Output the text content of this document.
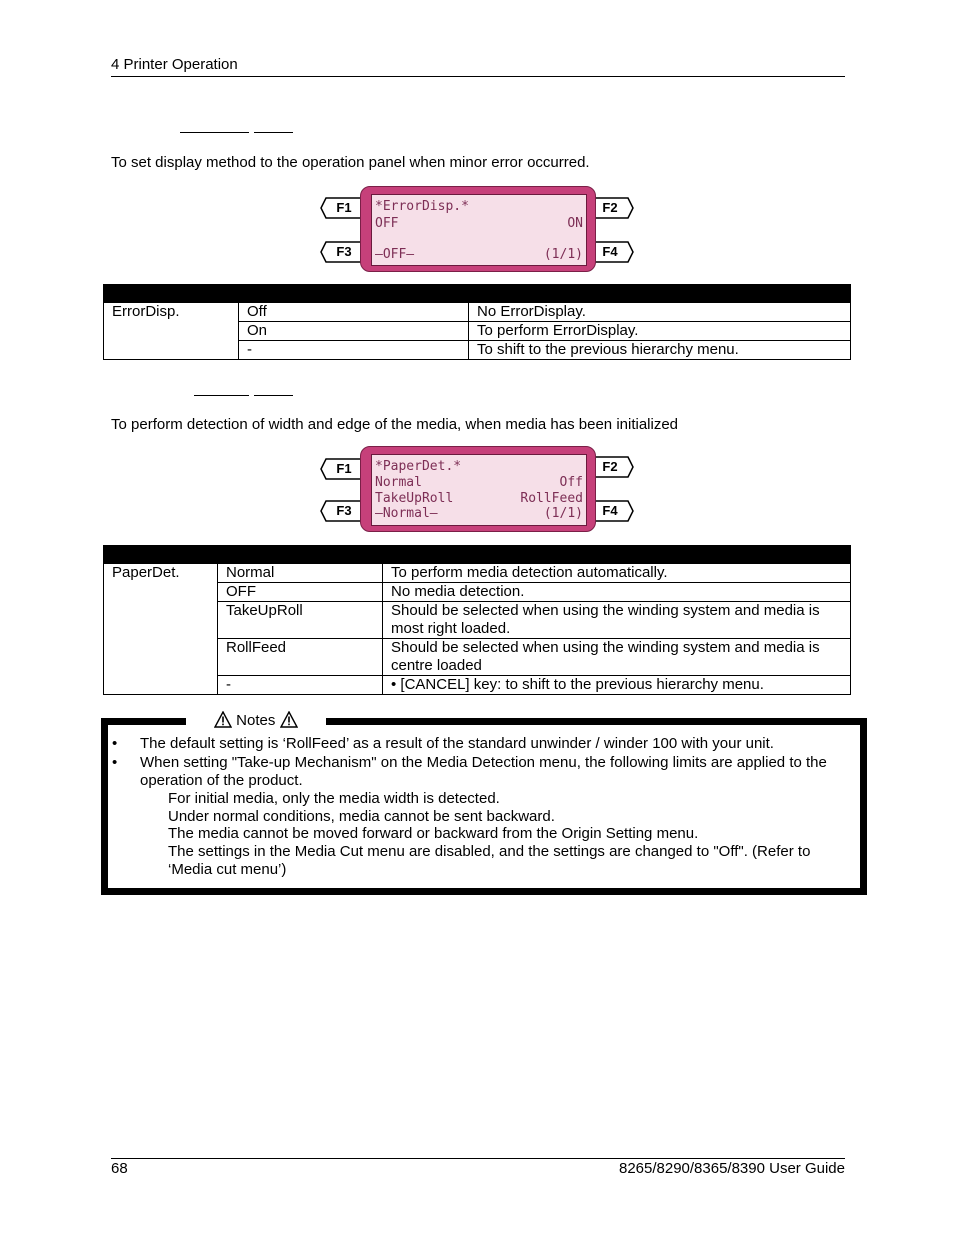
4 Printer Operation
To set display method to the operation panel when minor error occurred.
F1
F3
F2
F4
*ErrorDisp.*
OFF	ON
–OFF–	(1/1)

ErrorDisp.	Off	No ErrorDisplay.
	On	To perform ErrorDisplay.
	-	To shift to the previous hierarchy menu.
To perform detection of width and edge of the media, when media has been initialized
F1
F3
F2
F4
*PaperDet.*
Normal	Off
TakeUpRoll	RollFeed
–Normal–	(1/1)

PaperDet.	Normal	To perform media detection automatically.
	OFF	No media detection.
	TakeUpRoll	Should be selected when using the winding system and media is most right loaded.
	RollFeed	Should be selected when using the winding system and media is centre loaded
	-	• [CANCEL] key: to shift to the previous hierarchy menu.
Notes
• The default setting is ‘RollFeed’ as a result of the standard unwinder / winder 100 with your unit.
• When setting "Take-up Mechanism" on the Media Detection menu, the following limits are applied to the operation of the product.
For initial media, only the media width is detected.
Under normal conditions, media cannot be sent backward.
The media cannot be moved forward or backward from the Origin Setting menu.
The settings in the Media Cut menu are disabled, and the settings are changed to "Off". (Refer to ‘Media cut menu’)
68	8265/8290/8365/8390 User Guide
